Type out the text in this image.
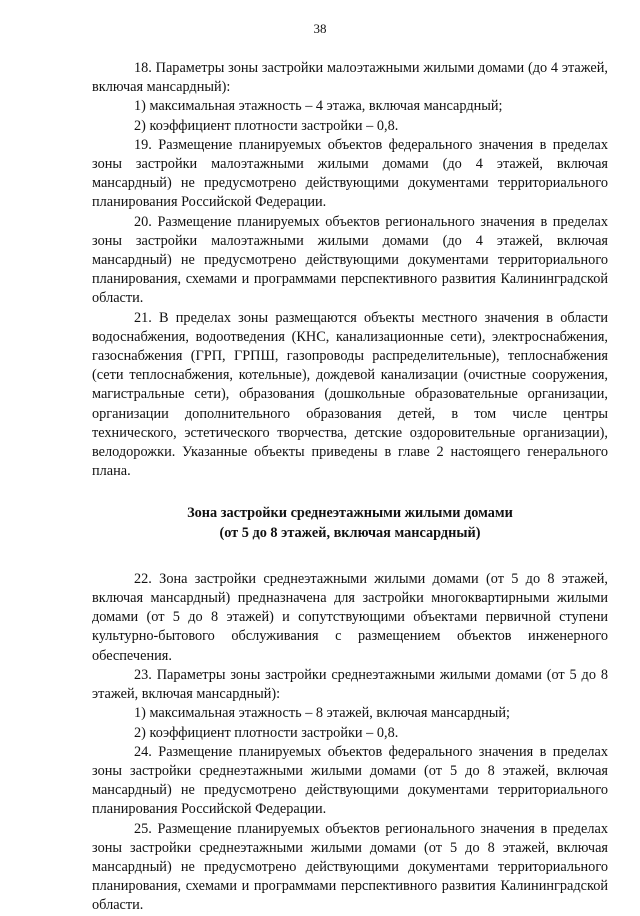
38

18. Параметры зоны застройки малоэтажными жилыми домами (до 4 этажей, включая мансардный):

1) максимальная этажность – 4 этажа, включая мансардный;

2) коэффициент плотности застройки – 0,8.

19. Размещение планируемых объектов федерального значения в пределах зоны застройки малоэтажными жилыми домами (до 4 этажей, включая мансардный) не предусмотрено действующими документами территориального планирования Российской Федерации.

20. Размещение планируемых объектов регионального значения в пределах зоны застройки малоэтажными жилыми домами (до 4 этажей, включая мансардный) не предусмотрено действующими документами территориального планирования, схемами и программами перспективного развития Калининградской области.

21. В пределах зоны размещаются объекты местного значения в области водоснабжения, водоотведения (КНС, канализационные сети), электроснабжения, газоснабжения (ГРП, ГРПШ, газопроводы распределительные), теплоснабжения (сети теплоснабжения, котельные), дождевой канализации (очистные сооружения, магистральные сети), образования (дошкольные образовательные организации, организации дополнительного образования детей, в том числе центры технического, эстетического творчества, детские оздоровительные организации), велодорожки. Указанные объекты приведены в главе 2 настоящего генерального плана.

Зона застройки среднеэтажными жилыми домами
(от 5 до 8 этажей, включая мансардный)

22. Зона застройки среднеэтажными жилыми домами (от 5 до 8 этажей, включая мансардный) предназначена для застройки многоквартирными жилыми домами (от 5 до 8 этажей) и сопутствующими объектами первичной ступени культурно-бытового обслуживания с размещением объектов инженерного обеспечения.

23. Параметры зоны застройки среднеэтажными жилыми домами (от 5 до 8 этажей, включая мансардный):

1) максимальная этажность – 8 этажей, включая мансардный;

2) коэффициент плотности застройки – 0,8.

24. Размещение планируемых объектов федерального значения в пределах зоны застройки среднеэтажными жилыми домами (от 5 до 8 этажей, включая мансардный) не предусмотрено действующими документами территориального планирования Российской Федерации.

25. Размещение планируемых объектов регионального значения в пределах зоны застройки среднеэтажными жилыми домами (от 5 до 8 этажей, включая мансардный) не предусмотрено действующими документами территориального планирования, схемами и программами перспективного развития Калининградской области.
